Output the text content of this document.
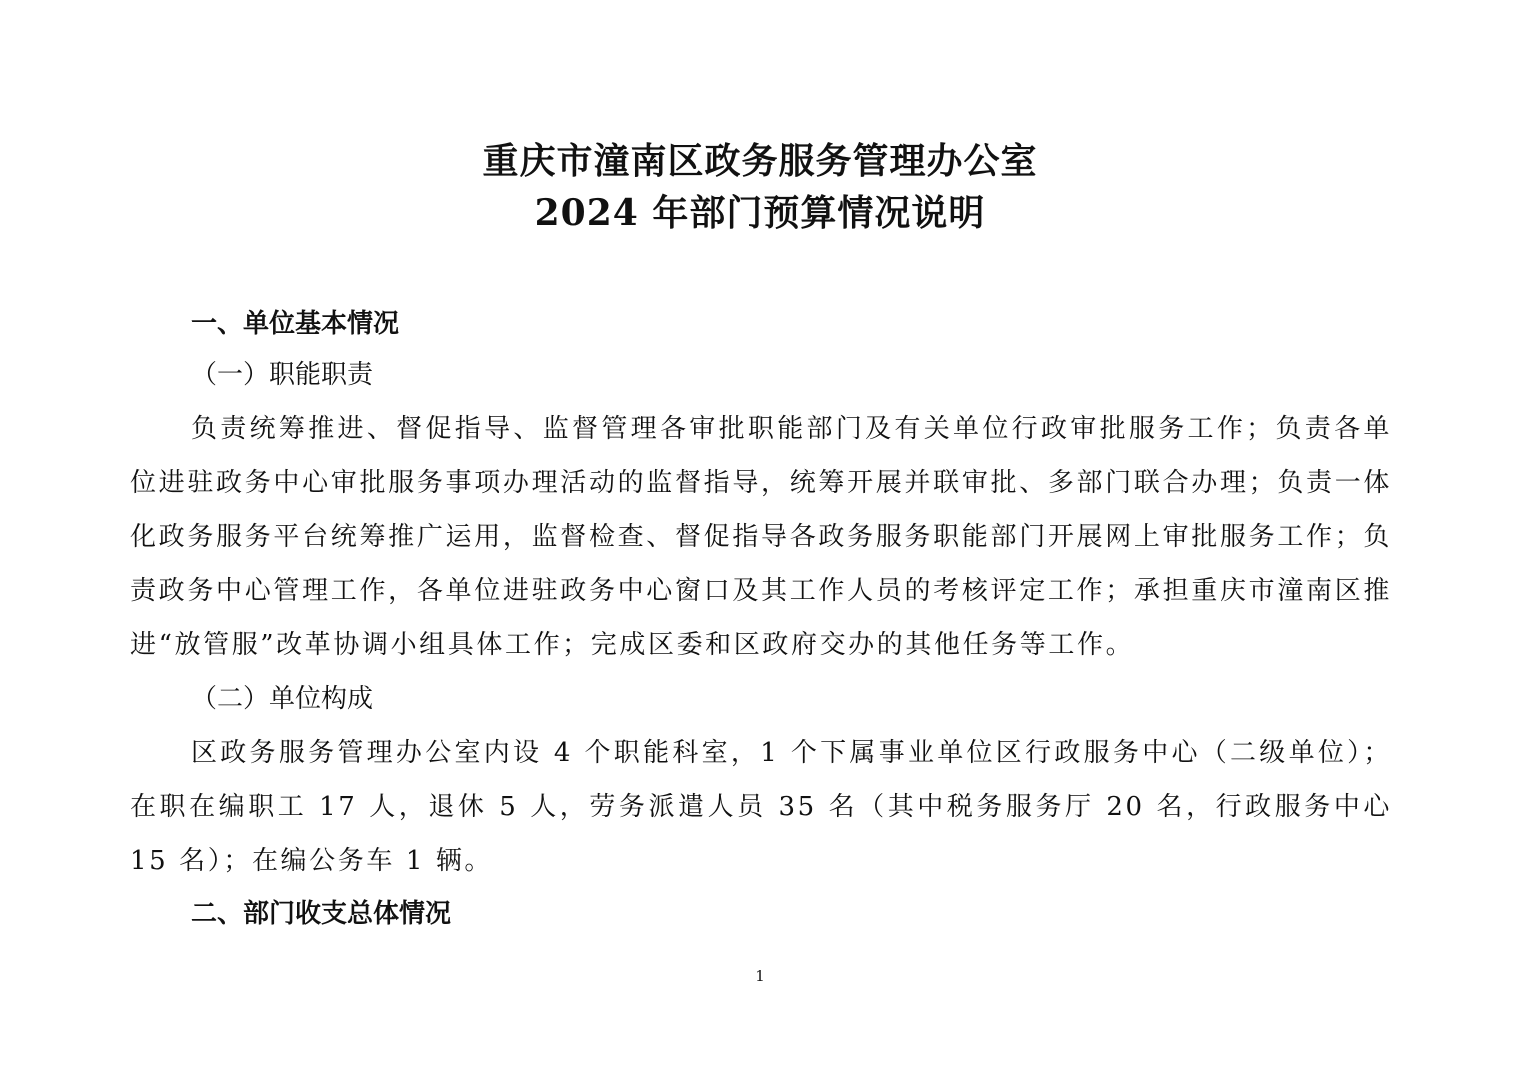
重庆市潼南区政务服务管理办公室
2024 年部门预算情况说明

一、单位基本情况

（一）职能职责

负责统筹推进、督促指导、监督管理各审批职能部门及有关单位行政审批服务工作；负责各单位进驻政务中心审批服务事项办理活动的监督指导，统筹开展并联审批、多部门联合办理；负责一体化政务服务平台统筹推广运用，监督检查、督促指导各政务服务职能部门开展网上审批服务工作；负责政务中心管理工作，各单位进驻政务中心窗口及其工作人员的考核评定工作；承担重庆市潼南区推进“放管服”改革协调小组具体工作；完成区委和区政府交办的其他任务等工作。

（二）单位构成

区政务服务管理办公室内设 4 个职能科室，1 个下属事业单位区行政服务中心（二级单位）；在职在编职工 17 人，退休 5 人，劳务派遣人员 35 名（其中税务服务厅 20 名，行政服务中心 15 名）；在编公务车 1 辆。

二、部门收支总体情况

1
